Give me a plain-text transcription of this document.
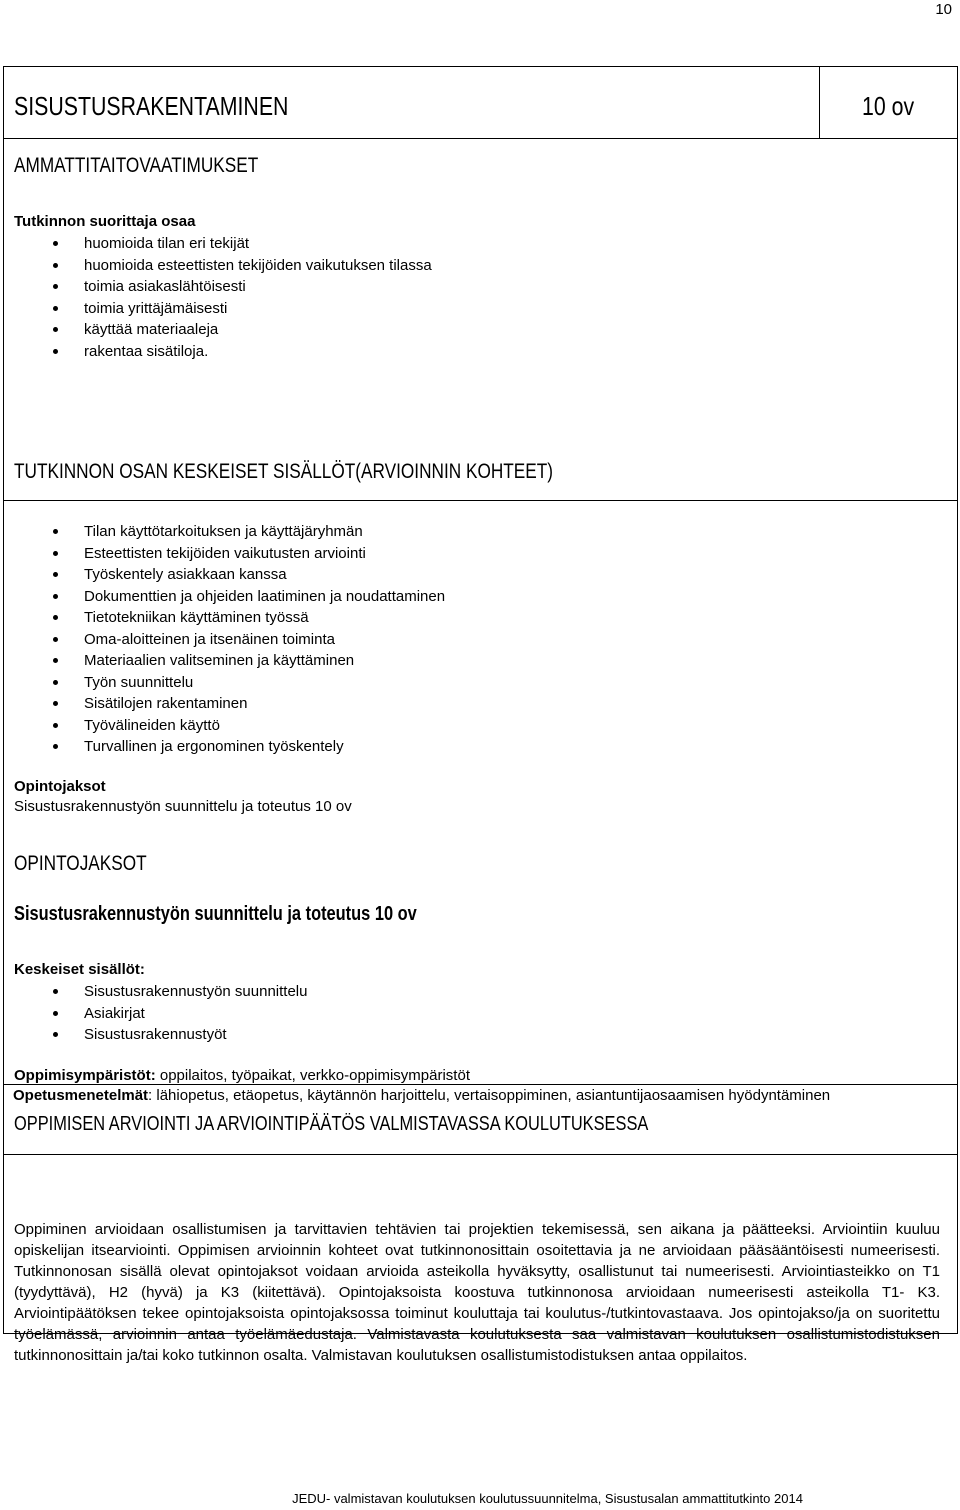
10
SISUSTUSRAKENTAMINEN	10 ov
AMMATTITAITOVAATIMUKSET
Tutkinnon suorittaja osaa
huomioida tilan eri tekijät
huomioida esteettisten tekijöiden vaikutuksen tilassa
toimia asiakaslähtöisesti
toimia yrittäjämäisesti
käyttää materiaaleja
rakentaa sisätiloja.
TUTKINNON OSAN KESKEISET SISÄLLÖT(ARVIOINNIN KOHTEET)
Tilan käyttötarkoituksen ja käyttäjäryhmän
Esteettisten tekijöiden vaikutusten arviointi
Työskentely asiakkaan kanssa
Dokumenttien ja ohjeiden laatiminen ja noudattaminen
Tietotekniikan käyttäminen työssä
Oma-aloitteinen ja itsenäinen toiminta
Materiaalien valitseminen ja käyttäminen
Työn suunnittelu
Sisätilojen rakentaminen
Työvälineiden käyttö
Turvallinen ja ergonominen työskentely
Opintojaksot
Sisustusrakennustyön suunnittelu ja toteutus 10 ov
OPINTOJAKSOT
Sisustusrakennustyön suunnittelu ja toteutus 10 ov
Keskeiset sisällöt:
Sisustusrakennustyön suunnittelu
Asiakirjat
Sisustusrakennustyöt
Oppimisympäristöt: oppilaitos, työpaikat, verkko-oppimisympäristöt
OPPIMISEN ARVIOINTI JA ARVIOINTIPÄÄTÖS VALMISTAVASSA KOULUTUKSESSA
Oppiminen arvioidaan osallistumisen ja tarvittavien tehtävien tai projektien tekemisessä, sen aikana ja päätteeksi. Arviointiin kuuluu opiskelijan itsearviointi. Oppimisen arvioinnin kohteet ovat tutkinnonosittain osoitettavia ja ne arvioidaan pääsääntöisesti numeerisesti. Tutkinnonosan sisällä olevat opintojaksot voidaan arvioida asteikolla hyväksytty, osallistunut tai numeerisesti. Arviointiasteikko on T1 (tyydyttävä), H2 (hyvä) ja K3 (kiitettävä). Opintojaksoista koostuva tutkinnonosa arvioidaan numeerisesti asteikolla T1- K3. Arviointipäätöksen tekee opintojaksoista opintojaksossa toiminut kouluttaja tai koulutus-/tutkintovastaava. Jos opintojakso/ja on suoritettu työelämässä, arvioinnin antaa työelämäedustaja. Valmistavasta koulutuksesta saa valmistavan koulutuksen osallistumistodistuksen tutkinnonosittain ja/tai koko tutkinnon osalta. Valmistavan koulutuksen osallistumistodistuksen antaa oppilaitos.
Opetusmenetelmät: lähiopetus, etäopetus, käytännön harjoittelu, vertaisoppiminen, asiantuntijaosaamisen hyödyntäminen
JEDU- valmistavan koulutuksen koulutussuunnitelma, Sisustusalan ammattitutkinto 2014
